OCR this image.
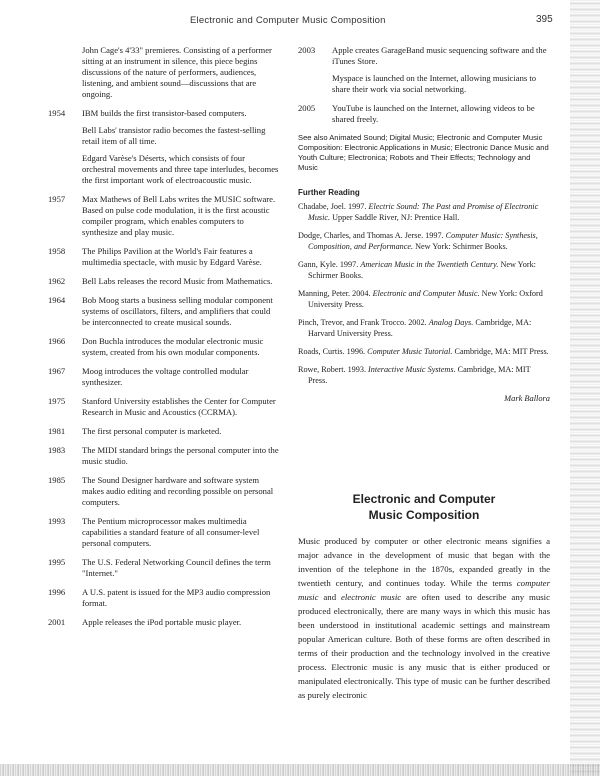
Electronic and Computer Music Composition	395

John Cage's 4'33" premieres. Consisting of a performer sitting at an instrument in silence, this piece begins discussions of the nature of performers, audiences, listening, and ambient sound—discussions that are ongoing.

1954	IBM builds the first transistor-based computers.

Bell Labs' transistor radio becomes the fastest-selling retail item of all time.

Edgard Varèse's Déserts, which consists of four orchestral movements and three tape interludes, becomes the first important work of electroacoustic music.

1957	Max Mathews of Bell Labs writes the MUSIC software. Based on pulse code modulation, it is the first acoustic compiler program, which enables computers to synthesize and play music.

1958	The Philips Pavilion at the World's Fair features a multimedia spectacle, with music by Edgard Varèse.

1962	Bell Labs releases the record Music from Mathematics.

1964	Bob Moog starts a business selling modular component systems of oscillators, filters, and amplifiers that could be interconnected to create musical sounds.

1966	Don Buchla introduces the modular electronic music system, created from his own modular components.

1967	Moog introduces the voltage controlled modular synthesizer.

1975	Stanford University establishes the Center for Computer Research in Music and Acoustics (CCRMA).

1981	The first personal computer is marketed.

1983	The MIDI standard brings the personal computer into the music studio.

1985	The Sound Designer hardware and software system makes audio editing and recording possible on personal computers.

1993	The Pentium microprocessor makes multimedia capabilities a standard feature of all consumer-level personal computers.

1995	The U.S. Federal Networking Council defines the term "Internet."

1996	A U.S. patent is issued for the MP3 audio compression format.

2001	Apple releases the iPod portable music player.

2003	Apple creates GarageBand music sequencing software and the iTunes Store.

Myspace is launched on the Internet, allowing musicians to share their work via social networking.

2005	YouTube is launched on the Internet, allowing videos to be shared freely.

See also Animated Sound; Digital Music; Electronic and Computer Music Composition: Electronic Applications in Music; Electronic Dance Music and Youth Culture; Electronica; Robots and Their Effects; Technology and Music

Further Reading

Chadabe, Joel. 1997. Electric Sound: The Past and Promise of Electronic Music. Upper Saddle River, NJ: Prentice Hall.

Dodge, Charles, and Thomas A. Jerse. 1997. Computer Music: Synthesis, Composition, and Performance. New York: Schirmer Books.

Gann, Kyle. 1997. American Music in the Twentieth Century. New York: Schirmer Books.

Manning, Peter. 2004. Electronic and Computer Music. New York: Oxford University Press.

Pinch, Trevor, and Frank Trocco. 2002. Analog Days. Cambridge, MA: Harvard University Press.

Roads, Curtis. 1996. Computer Music Tutorial. Cambridge, MA: MIT Press.

Rowe, Robert. 1993. Interactive Music Systems. Cambridge, MA: MIT Press.

Mark Ballora

Electronic and Computer
Music Composition
Music produced by computer or other electronic means signifies a major advance in the development of music that began with the invention of the telephone in the 1870s, expanded greatly in the twentieth century, and continues today. While the terms computer music and electronic music are often used to describe any music produced electronically, there are many ways in which this music has been understood in institutional academic settings and mainstream popular American culture. Both of these forms are often described in terms of their production and the technology involved in the creative process. Electronic music is any music that is either produced or manipulated electronically. This type of music can be further described as purely electronic
